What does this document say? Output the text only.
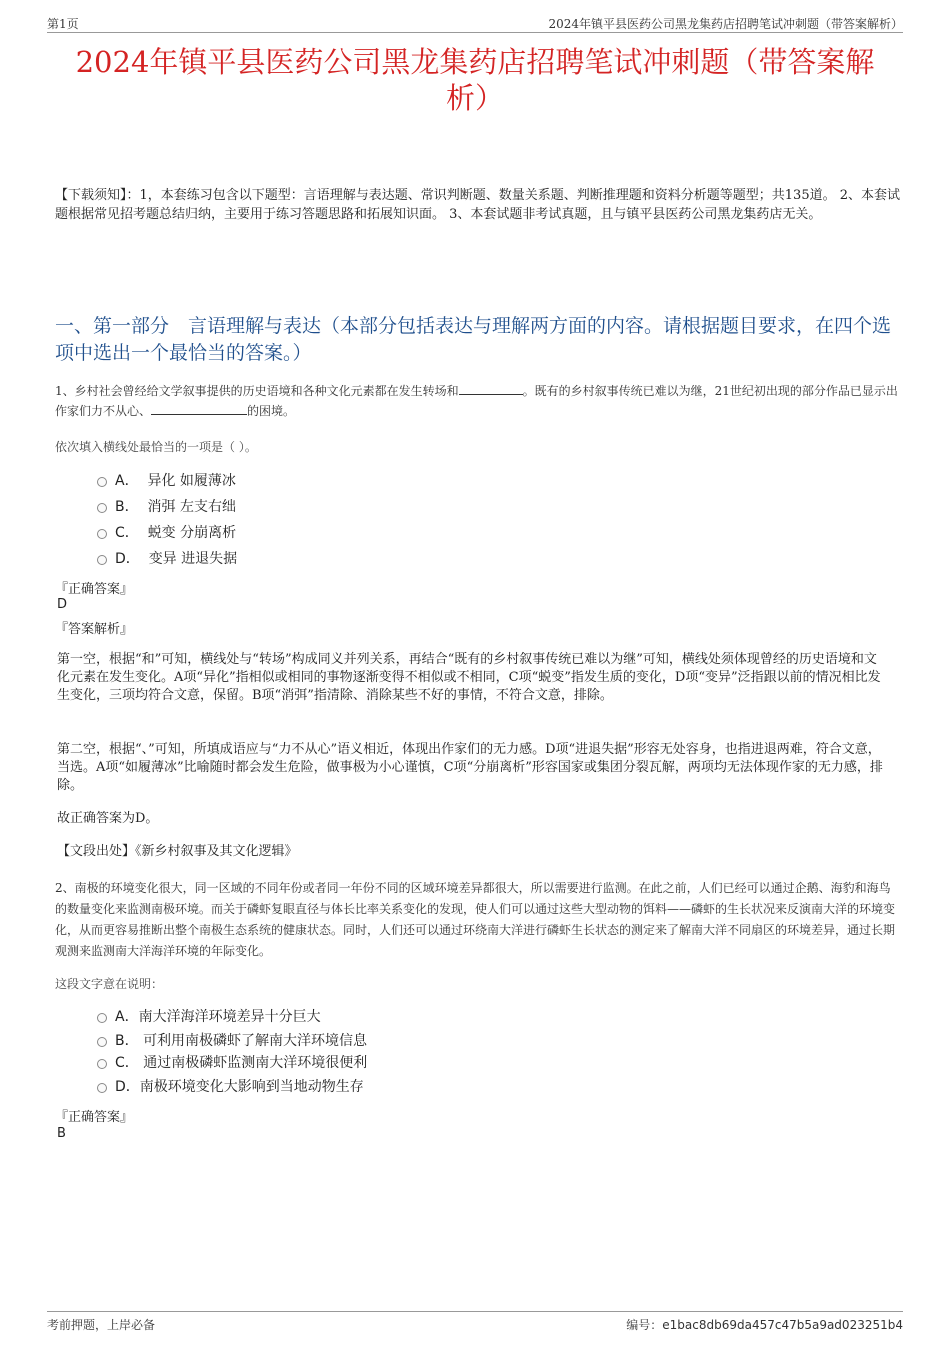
第1页	2024年镇平县医药公司黑龙集药店招聘笔试冲刺题（带答案解析）
2024年镇平县医药公司黑龙集药店招聘笔试冲刺题（带答案解析）
【下载须知】：1，本套练习包含以下题型：言语理解与表达题、常识判断题、数量关系题、判断推理题和资料分析题等题型；共135道。 2、本套试题根据常见招考题总结归纳，主要用于练习答题思路和拓展知识面。 3、本套试题非考试真题，且与镇平县医药公司黑龙集药店无关。
一、第一部分　言语理解与表达（本部分包括表达与理解两方面的内容。请根据题目要求，在四个选项中选出一个最恰当的答案。）
1、乡村社会曾经给文学叙事提供的历史语境和各种文化元素都在发生转场和	。既有的乡村叙事传统已难以为继，21世纪初出现的部分作品已显示出作家们力不从心、	的困境。
依次填入横线处最恰当的一项是（ ）。
A． 异化 如履薄冰
B． 消弭 左支右绌
C． 蜕变 分崩离析
D． 变异 进退失据
『正确答案』
D
『答案解析』
第一空，根据“和”可知，横线处与“转场”构成同义并列关系，再结合“既有的乡村叙事传统已难以为继”可知，横线处须体现曾经的历史语境和文化元素在发生变化。A项“异化”指相似或相同的事物逐渐变得不相似或不相同，C项“蜕变”指发生质的变化，D项“变异”泛指跟以前的情况相比发生变化，三项均符合文意，保留。B项“消弭”指清除、消除某些不好的事情，不符合文意，排除。
第二空，根据“、”可知，所填成语应与“力不从心”语义相近，体现出作家们的无力感。D项“进退失据”形容无处容身，也指进退两难，符合文意，当选。A项“如履薄冰”比喻随时都会发生危险，做事极为小心谨慎，C项“分崩离析”形容国家或集团分裂瓦解，两项均无法体现作家的无力感，排除。
故正确答案为D。
【文段出处】《新乡村叙事及其文化逻辑》
2、南极的环境变化很大，同一区域的不同年份或者同一年份不同的区域环境差异都很大，所以需要进行监测。在此之前，人们已经可以通过企鹅、海豹和海鸟的数量变化来监测南极环境。而关于磷虾复眼直径与体长比率关系变化的发现，使人们可以通过这些大型动物的饵料——磷虾的生长状况来反演南大洋的环境变化，从而更容易推断出整个南极生态系统的健康状态。同时，人们还可以通过环绕南大洋进行磷虾生长状态的测定来了解南大洋不同扇区的环境差异，通过长期观测来监测南大洋海洋环境的年际变化。
这段文字意在说明：
A．南大洋海洋环境差异十分巨大
B． 可利用南极磷虾了解南大洋环境信息
C． 通过南极磷虾监测南大洋环境很便利
D．南极环境变化大影响到当地动物生存
『正确答案』
B
考前押题，上岸必备	编号：e1bac8db69da457c47b5a9ad023251b4
